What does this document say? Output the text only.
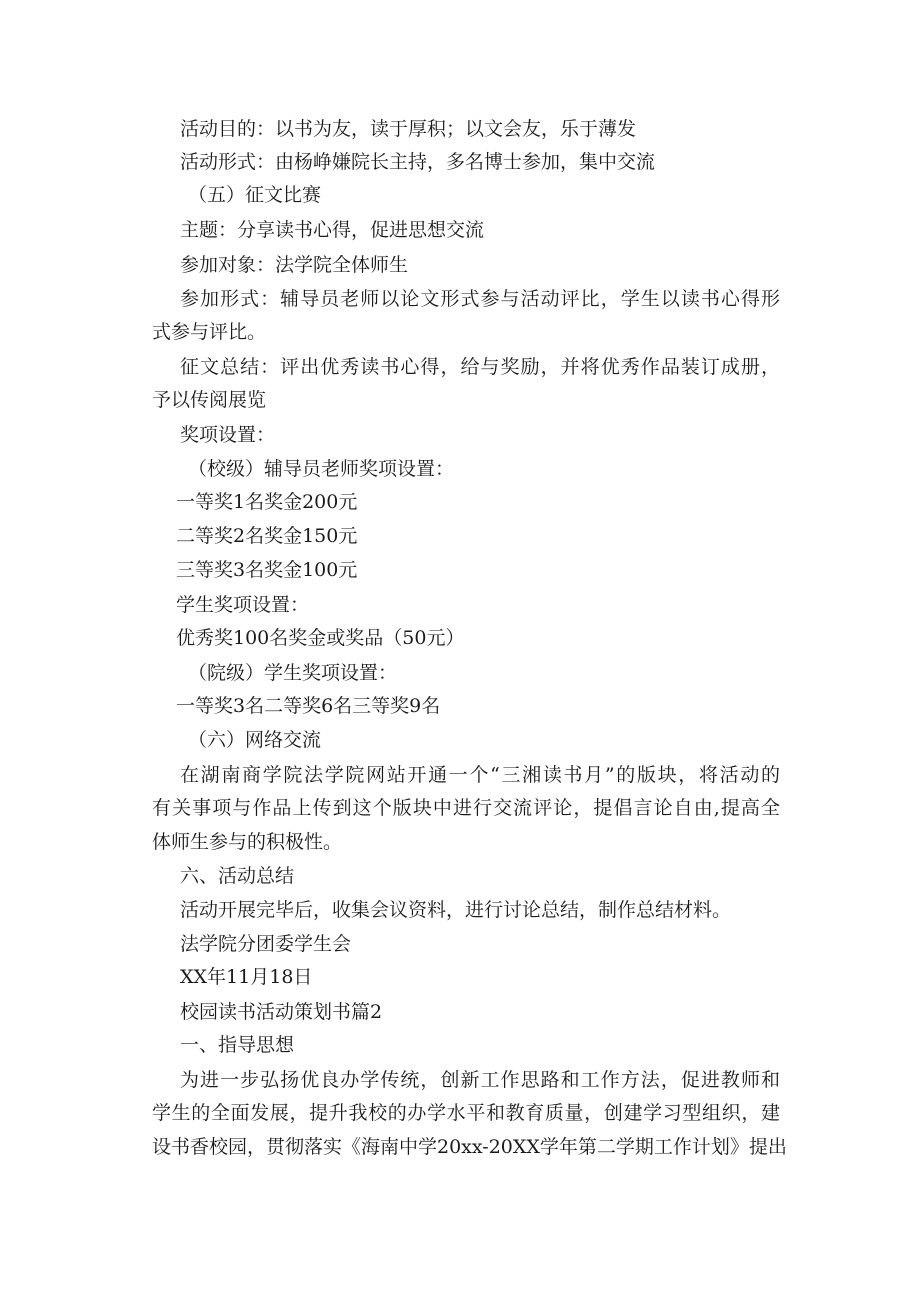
活动目的：以书为友，读于厚积；以文会友，乐于薄发
活动形式：由杨峥嫌院长主持，多名博士参加，集中交流
（五）征文比赛
主题：分享读书心得，促进思想交流
参加对象：法学院全体师生
参加形式：辅导员老师以论文形式参与活动评比，学生以读书心得形
式参与评比。
征文总结：评出优秀读书心得，给与奖励，并将优秀作品装订成册，
予以传阅展览
奖项设置：
（校级）辅导员老师奖项设置：
一等奖1名奖金200元
二等奖2名奖金150元
三等奖3名奖金100元
学生奖项设置：
优秀奖100名奖金或奖品（50元）
（院级）学生奖项设置：
一等奖3名二等奖6名三等奖9名
（六）网络交流
在湖南商学院法学院网站开通一个“三湘读书月”的版块，将活动的
有关事项与作品上传到这个版块中进行交流评论，提倡言论自由,提高全
体师生参与的积极性。
六、活动总结
活动开展完毕后，收集会议资料，进行讨论总结，制作总结材料。
法学院分团委学生会
XX年11月18日
校园读书活动策划书篇2
一、指导思想
为进一步弘扬优良办学传统，创新工作思路和工作方法，促进教师和
学生的全面发展，提升我校的办学水平和教育质量，创建学习型组织，建
设书香校园，贯彻落实《海南中学20xx-20XX学年第二学期工作计划》提出
